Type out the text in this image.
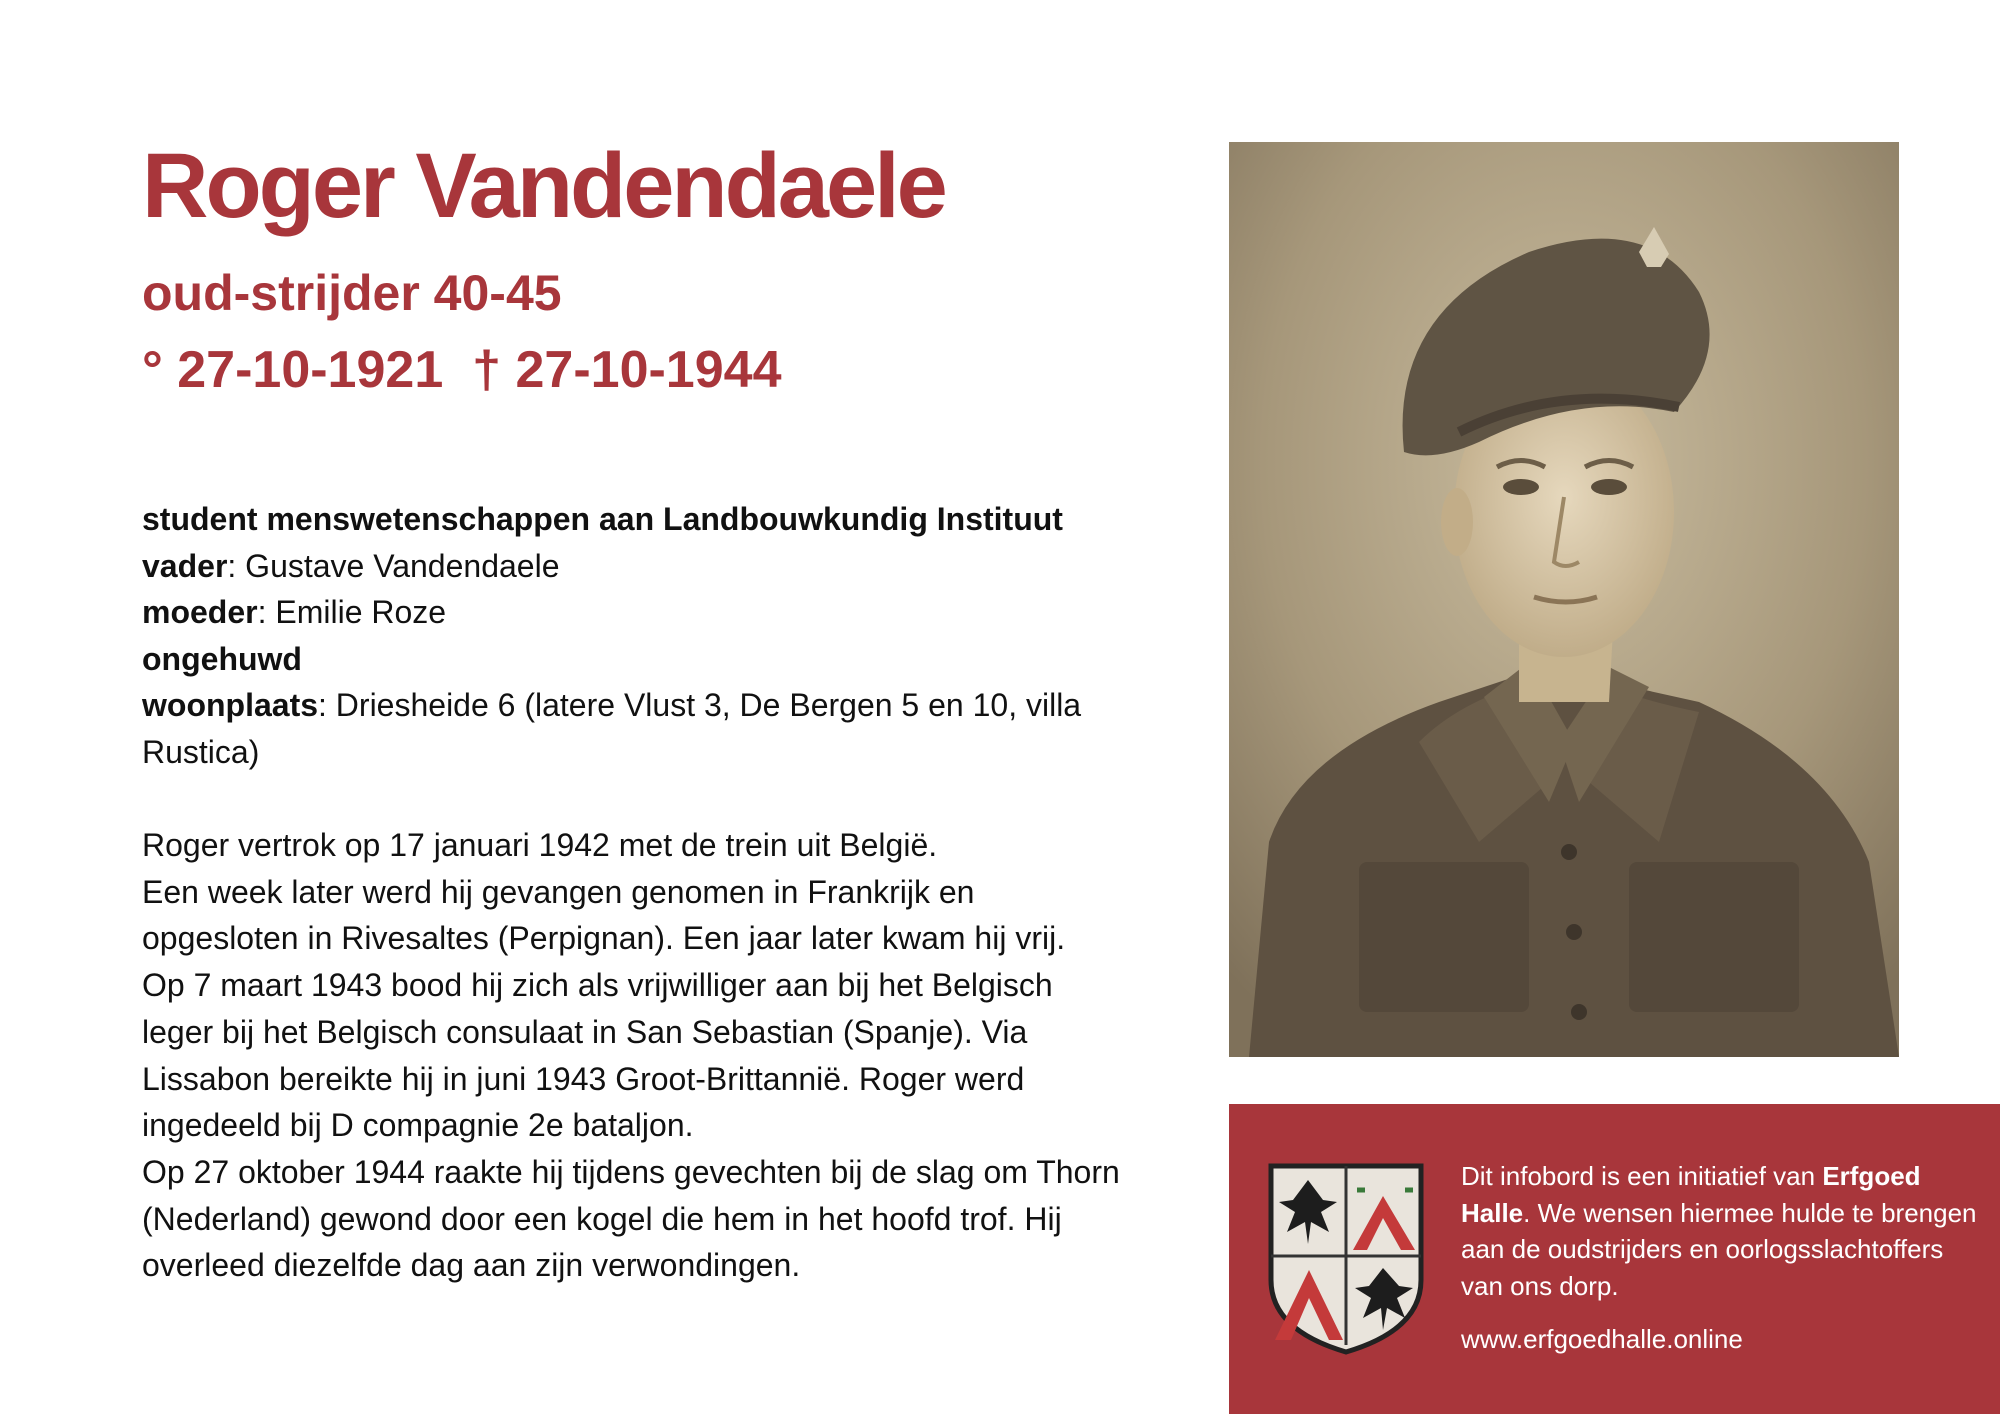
Roger Vandendaele
oud-strijder 40-45
° 27-10-1921  † 27-10-1944

student menswetenschappen aan Landbouwkundig Instituut

vader: Gustave Vandendaele

moeder: Emilie Roze

ongehuwd

woonplaats: Driesheide 6 (latere Vlust 3, De Bergen 5 en 10, villa Rustica)

Roger vertrok op 17 januari 1942 met de trein uit België.

Een week later werd hij gevangen genomen in Frankrijk en opgesloten in Rivesaltes (Perpignan). Een jaar later kwam hij vrij.

Op 7 maart 1943 bood hij zich als vrijwilliger aan bij het Belgisch leger bij het Belgisch consulaat in San Sebastian (Spanje). Via Lissabon bereikte hij in juni 1943 Groot-Brittannië. Roger werd ingedeeld bij D compagnie 2e bataljon.

Op 27 oktober 1944 raakte hij tijdens gevechten bij de slag om Thorn (Nederland) gewond door een kogel die hem in het hoofd trof. Hij overleed diezelfde dag aan zijn verwondingen.

Dit infobord is een initiatief van Erfgoed Halle. We wensen hiermee hulde te brengen aan de oudstrijders en oorlogsslachtoffers van ons dorp.

www.erfgoedhalle.online
